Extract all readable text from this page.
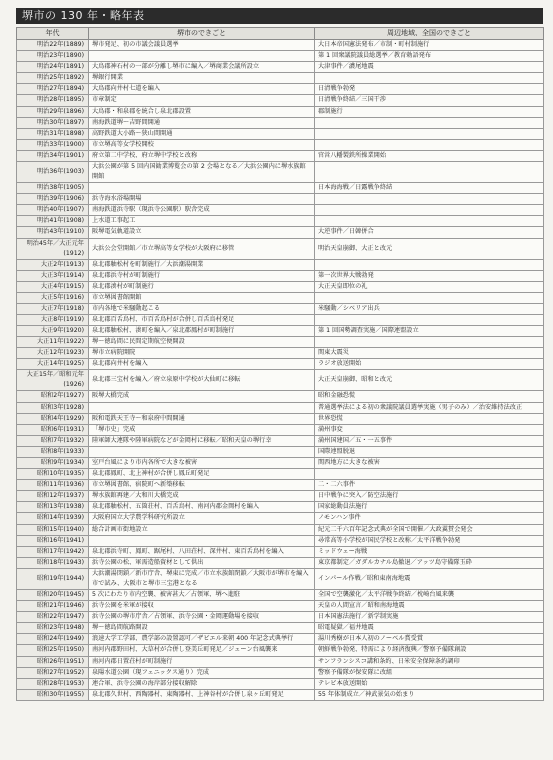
堺市の 130 年・略年表
年代	堺市のできごと	周辺地域、全国のできごと
明治22年(1889)	堺市発足、初の市議会議員選挙	大日本帝国憲法発布／市制・町村制施行
明治23年(1890)		第 1 回衆議院議員総選挙／教育勅語発布
明治24年(1891)	大鳥郡神石村の一部が分離し堺市に編入／堺商業会議所設立	大津事件／濃尾地震
明治25年(1892)	堺銀行開業	
明治27年(1894)	大鳥郡向井村七道を編入	日清戦争勃発
明治28年(1895)	市章制定	日清戦争終結／三国干渉
明治29年(1896)	大鳥郡・和泉郡を統合し泉北郡設置	郡制施行
明治30年(1897)	南海鉄道堺～吉野間開通	
明治31年(1898)	高野鉄道大小路～狭山間開通	
明治33年(1900)	市立堺高等女学校開校	
明治34年(1901)	府立第二中学校、府立堺中学校と改称	官営八幡製鉄所操業開始
明治36年(1903)	大浜公園が第 5 回内国勧業博覧会の第 2 会場となる／大浜公園内に堺水族館開館	
明治38年(1905)		日本海海戦／日露戦争終結
明治39年(1906)	浜寺海水浴場開場	
明治40年(1907)	南海鉄道浜寺駅（現浜寺公園駅）駅舎完成	
明治41年(1908)	上水道工事起工	
明治43年(1910)	阪堺電気軌道設立	大逆事件／日韓併合
明治45年／大正元年(1912)	大浜公会堂開館／市立堺高等女学校が大阪府に移管	明治天皇崩御、大正と改元
大正2年(1913)	泉北郡舳松村を町制施行／大浜潮湯開業	
大正3年(1914)	泉北郡浜寺村が町制施行	第一次世界大戦勃発
大正4年(1915)	泉北郡湊村が町制施行	大正天皇即位の礼
大正5年(1916)	市立堺図書館開館	
大正7年(1918)	市内各地で米騒動起こる	米騒動／シベリア出兵
大正8年(1919)	泉北郡百舌鳥村、市百舌鳥村が合併し百舌鳥村発足	
大正9年(1920)	泉北郡舳松村、湊町を編入／泉北郡鳳村が町制施行	第 1 回国勢調査実施／国際連盟設立
大正11年(1922)	堺～徳島間に民間定期航空便開設	
大正12年(1923)	堺市立病院開院	関東大震災
大正14年(1925)	泉北郡向井村を編入	ラジオ放送開始
大正15年／昭和元年(1926)	泉北郡三宝村を編入／府立泉原中学校が大仙町に移転	大正天皇崩御、昭和と改元
昭和2年(1927)	阪堺大橋完成	昭和金融恐慌
昭和3年(1928)		普通選挙法による初の衆議院議員選挙実施（男子のみ）／治安維持法改正
昭和4年(1929)	阪和電鉄天王寺～和泉府中間開通	世界恐慌
昭和6年(1931)	「堺市史」完成	満州事変
昭和7年(1932)	陸軍師大連隊や陸軍病院などが金岡村に移転／昭和天皇の堺行幸	満州国建国／五・一五事件
昭和8年(1933)		国際連盟脱退
昭和9年(1934)	室戸台風により市内各所で大きな被害	関西地方に大きな被害
昭和10年(1935)	泉北郡鳳町、北上神村が合併し鳳丘町発足	
昭和11年(1936)	市立堺図書館、宿院町へ新築移転	二・二六事件
昭和12年(1937)	堺水族館再建／大和川大橋完成	日中戦争に突入／防空法施行
昭和13年(1938)	泉北郡舳松村、五箇荘村、百舌鳥村、南河内郡金岡村を編入	国家総動員法施行
昭和14年(1939)	大阪府国立大学農学科研究所設立	ノモンハン事件
昭和15年(1940)	総合計画市街地設立	紀元二千六百年記念式典が全国で開催／大政翼賛会発会
昭和16年(1941)		尋常高等小学校が国民学校と改称／太平洋戦争勃発
昭和17年(1942)	泉北郡浜寺町、鳳町、踞尾村、八田荘村、深井村、東百舌鳥村を編入	ミッドウェー海戦
昭和18年(1943)	浜寺公園の松、軍需造船資材として供出	東京都制定／ガダルカナル島撤退／アッツ島守備隊玉砕
昭和19年(1944)	大浜潮湯閉鎖／新市庁舎、堺東に完成／市立水族館閉鎖／大阪市が堺市を編入市で試み、大阪市と堺市三宝港となる	インパール作戦／昭和東南海地震
昭和20年(1945)	5 次にわたり市内空襲、被害甚大／占領軍、堺へ進駐	全国で空襲激化／太平洋戦争終結／枕崎台風来襲
昭和21年(1946)	浜寺公園を米軍が接収	天皇の人間宣言／昭和南海地震
昭和22年(1947)	浜寺公園の堺市庁舎／占領軍、浜寺公園・金岡運動場を接収	日本国憲法施行／新学制実施
昭和23年(1948)	堺～徳島間航路開設	昭電疑獄／福井地震
昭和24年(1949)	浪速大学工学部、農学部の設置認可／ザビエル来朝 400 年記念式典挙行	湯川秀樹が日本人初のノーベル賞受賞
昭和25年(1950)	南河内郡野田村、大草村が合併し登美丘町発足／ジェーン台風襲来	朝鮮戦争勃発、特需により経済復興／警察予備隊創設
昭和26年(1951)	南河内郡日置荘村が町制施行	サンフランシスコ講和条約、日米安全保障条約調印
昭和27年(1952)	泉陽水道公園（現フェニックス通り）完成	警察予備隊が保安隊に改組
昭和28年(1953)	連合軍、浜寺公園の海岸部分接収解除	テレビ本放送開始
昭和30年(1955)	泉北郡久世村、西陶器村、東陶器村、上神谷村が合併し泉ヶ丘町発足	55 年体制成立／神武景気の始まり
